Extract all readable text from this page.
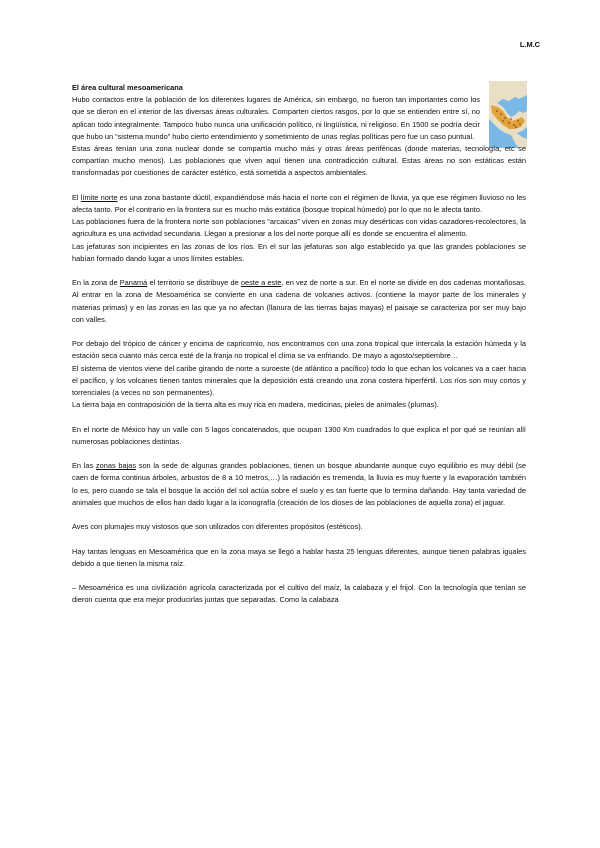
L.M.C

El área cultural mesoamericana

Hubo contactos entre la población de los diferentes lugares de América, sin embargo, no fueron tan importantes como los que se dieron en el interior de las diversas áreas culturales. Comparten ciertos rasgos, por lo que se entienden entre sí, no aplican todo integralmente. Tampoco hubo nunca una unificación político, ni lingüística, ni religioso. En 1500 se podría decir que hubo un “sistema mundo” hubo cierto entendimiento y sometimiento de unas reglas políticas pero fue un caso puntual.

Estas áreas tenían una zona nuclear donde se compartía mucho más y otras áreas periféricas (donde materias, tecnología, etc se compartían mucho menos). Las poblaciones que viven aquí tienen una contradicción cultural. Estas áreas no son estáticas están transformadas por cuestiones de carácter estético, está sometida a aspectos ambientales.

El límite norte es una zona bastante dúctil, expandiéndose más hacia el norte con el régimen de lluvia, ya que ese régimen lluvioso no les afecta tanto. Por el contrario en la frontera sur es mucho más extática (bosque tropical húmedo) por lo que no le afecta tanto.

Las poblaciones fuera de la frontera norte son poblaciones “arcaicas” viven en zonas muy desérticas con vidas cazadores-recolectores, la agricultura es una actividad secundaria. Llegan a presionar a los del norte porque allí es donde se encuentra el alimento.

Las jefaturas son incipientes en las zonas de los ríos. En el sur las jefaturas son algo establecido ya que las grandes poblaciones se habían formado dando lugar a unos límites estables.

En la zona de Panamá el territorio se distribuye de oeste a este, en vez de norte a sur. En el norte se divide en dos cadenas montañosas. Al entrar en la zona de Mesoamérica se convierte en una cadena de volcanes activos. (contiene la mayor parte de los minerales y materias primas) y en las zonas en las que ya no afectan (llanura de las tierras bajas mayas) el paisaje se caracteriza por ser muy bajo con valles.

Por debajo del trópico de cáncer y encima de capricornio, nos encontramos con una zona tropical que intercala la estación húmeda y la estación seca cuanto más cerca esté de la franja no tropical el clima se va enfriando. De mayo a agosto/septiembre…

El sistema de vientos viene del caribe girando de norte a suroeste (de atlántico a pacífico) todo lo que echan los volcanes va a caer hacia el pacífico, y los volcanes tienen tantos minerales que la deposición está creando una zona costera hiperfértil. Los ríos son muy cortos y torrenciales (a veces no son permanentes).

La tierra baja en contraposición de la tierra alta es muy rica en madera, medicinas, pieles de animales (plumas).

En el norte de México hay un valle con 5 lagos concatenados, que ocupan 1300 Km cuadrados lo que explica el por qué se reunían allí numerosas poblaciones distintas.

En las zonas bajas son la sede de algunas grandes poblaciones, tienen un bosque abundante aunque cuyo equilibrio es muy débil (se caen de forma continua árboles, arbustos de 8 a 10 metros,…) la radiación es tremenda, la lluvia es muy fuerte y la evaporación también lo es, pero cuando se tala el bosque la acción del sol actúa sobre el suelo y es tan fuerte que lo termina dañando. Hay tanta variedad de animales que muchos de ellos han dado lugar a la iconografía (creación de los dioses de las poblaciones de aquella zona) el jaguar.

Aves con plumajes muy vistosos que son utilizados con diferentes propósitos (estéticos).

Hay tantas lenguas en Mesoamérica que en la zona maya se llegó a hablar hasta 25 lenguas diferentes, aunque tienen palabras iguales debido a que tienen la misma raíz.

– Mesoamérica es una civilización agrícola caracterizada por el cultivo del maíz, la calabaza y el frijol. Con la tecnología que tenían se dieron cuenta que era mejor producirlas juntas que separadas. Como la calabaza
